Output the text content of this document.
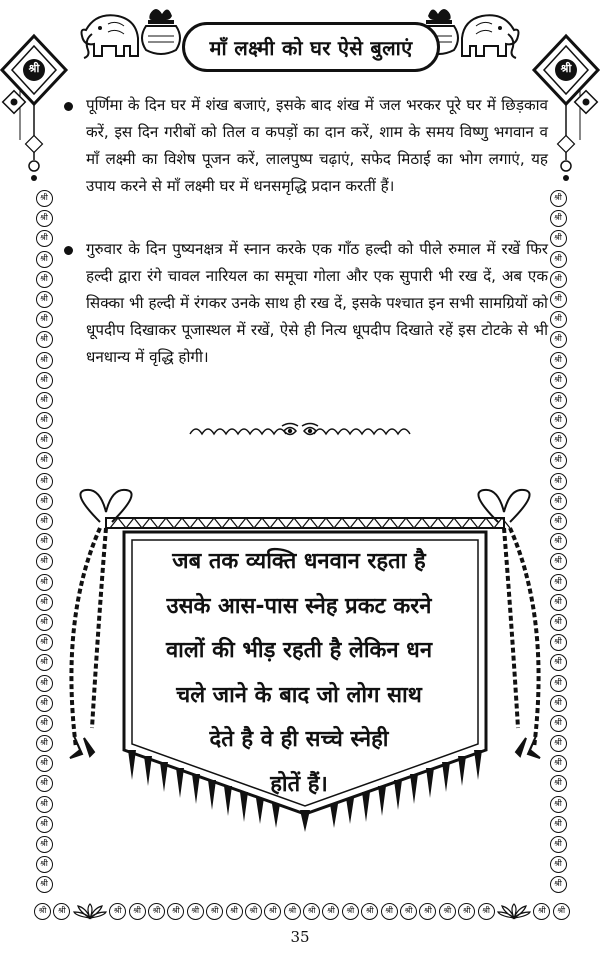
श्री	श्री
माँ लक्ष्मी को घर ऐसे बुलाएं
श्री
श्री
श्री
श्री
श्री
श्री
श्री
श्री
श्री
श्री
श्री
श्री
श्री
श्री
श्री
श्री
श्री
श्री
श्री
श्री
श्री
श्री
श्री
श्री
श्री
श्री
श्री
श्री
श्री
श्री
श्री
श्री
श्री
श्री
श्री
श्री
श्री
श्री
श्री
श्री
श्री
श्री
श्री
श्री
श्री
श्री
श्री
श्री
श्री
श्री
श्री
श्री
श्री
श्री
श्री
श्री
श्री
श्री
श्री
श्री
श्री
श्री
श्री
श्री
श्री
श्री
श्री
श्री
श्री
श्री
श्री	श्री	श्री	श्री	श्री	श्री	श्री	श्री	श्री	श्री	श्री	श्री	श्री	श्री	श्री	श्री	श्री	श्री	श्री	श्री	श्री	श्री	श्री	श्री

पूर्णिमा के दिन घर में शंख बजाएं, इसके बाद शंख में जल भरकर पूरे घर में छिड़काव करें, इस दिन गरीबों को तिल व कपड़ों का दान करें, शाम के समय विष्णु भगवान व माँ लक्ष्मी का विशेष पूजन करें, लालपुष्प चढ़ाएं, सफेद मिठाई का भोग लगाएं, यह उपाय करने से माँ लक्ष्मी घर में धनसमृद्धि प्रदान करतीं हैं।

गुरुवार के दिन पुष्यनक्षत्र में स्नान करके एक गाँठ हल्दी को पीले रुमाल में रखें फिर हल्दी द्वारा रंगे चावल नारियल का समूचा गोला और एक सुपारी भी रख दें, अब एक सिक्का भी हल्दी में रंगकर उनके साथ ही रख दें, इसके पश्चात इन सभी सामग्रियों को धूपदीप दिखाकर पूजास्थल में रखें, ऐसे ही नित्य धूपदीप दिखाते रहें इस टोटके से भी धनधान्य में वृद्धि होगी।

जब तक व्यक्ति धनवान रहता है
उसके आस-पास स्नेह प्रकट करने
वालों की भीड़ रहती है लेकिन धन
चले जाने के बाद जो लोग साथ
देते है वे ही सच्चे स्नेही
होतें हैं।
35
